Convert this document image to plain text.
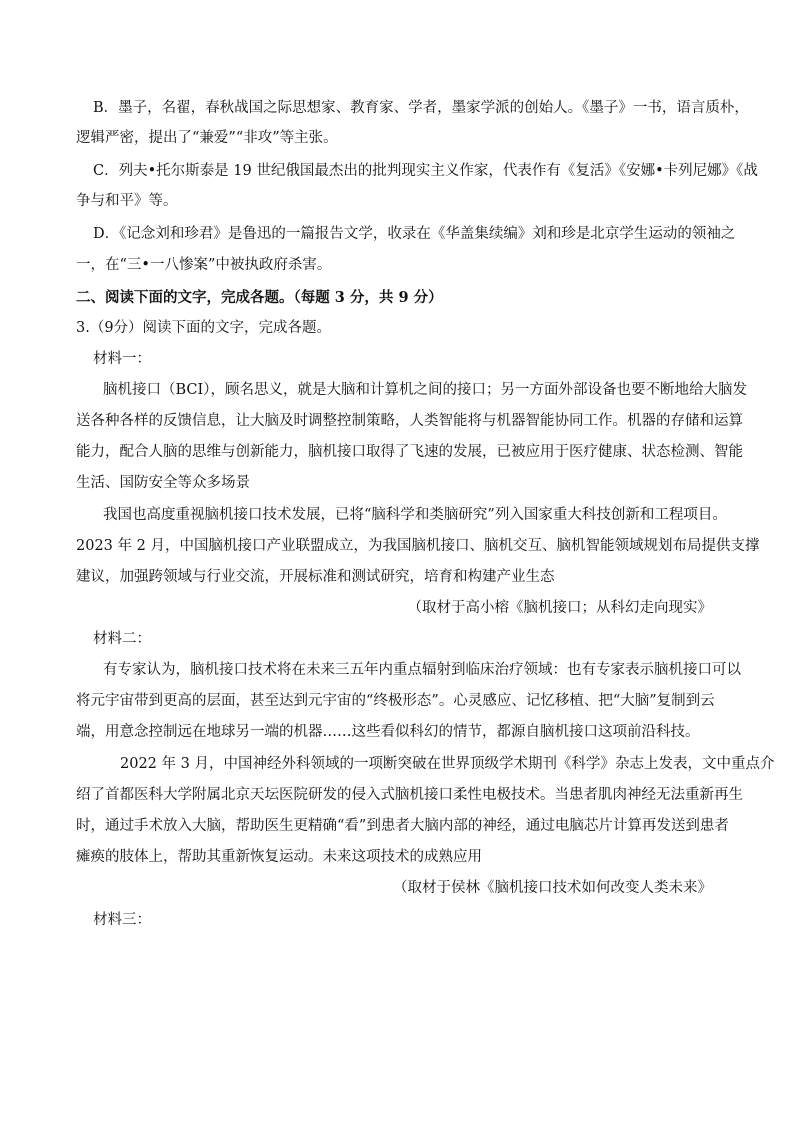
B．墨子，名翟，春秋战国之际思想家、教育家、学者，墨家学派的创始人。《墨子》一书，语言质朴，
逻辑严密，提出了“兼爱”“非攻”等主张。
C．列夫•托尔斯泰是 19 世纪俄国最杰出的批判现实主义作家，代表作有《复活》《安娜•卡列尼娜》《战
争与和平》等。
D．《记念刘和珍君》是鲁迅的一篇报告文学，收录在《华盖集续编》刘和珍是北京学生运动的领袖之
一，在“三•一八惨案”中被执政府杀害。
二、阅读下面的文字，完成各题。（每题 3 分，共 9 分）
3.（9分）阅读下面的文字，完成各题。
材料一：
脑机接口（BCI），顾名思义，就是大脑和计算机之间的接口；另一方面外部设备也要不断地给大脑发
送各种各样的反馈信息，让大脑及时调整控制策略，人类智能将与机器智能协同工作。机器的存储和运算
能力，配合人脑的思维与创新能力，脑机接口取得了飞速的发展，已被应用于医疗健康、状态检测、智能
生活、国防安全等众多场景
我国也高度重视脑机接口技术发展，已将“脑科学和类脑研究”列入国家重大科技创新和工程项目。
2023 年 2 月，中国脑机接口产业联盟成立，为我国脑机接口、脑机交互、脑机智能领域规划布局提供支撑
建议，加强跨领域与行业交流，开展标准和测试研究，培育和构建产业生态
（取材于高小榕《脑机接口；从科幻走向现实》
材料二：
有专家认为，脑机接口技术将在未来三五年内重点辐射到临床治疗领域：也有专家表示脑机接口可以
将元宇宙带到更高的层面，甚至达到元宇宙的“终极形态”。心灵感应、记忆移植、把“大脑”复制到云
端，用意念控制远在地球另一端的机器……这些看似科幻的情节，都源自脑机接口这项前沿科技。
2022 年 3 月，中国神经外科领域的一项断突破在世界顶级学术期刊《科学》杂志上发表，文中重点介
绍了首都医科大学附属北京天坛医院研发的侵入式脑机接口柔性电极技术。当患者肌肉神经无法重新再生
时，通过手术放入大脑，帮助医生更精确“看”到患者大脑内部的神经，通过电脑芯片计算再发送到患者
瘫痪的肢体上，帮助其重新恢复运动。未来这项技术的成熟应用
（取材于侯林《脑机接口技术如何改变人类未来》
材料三：
